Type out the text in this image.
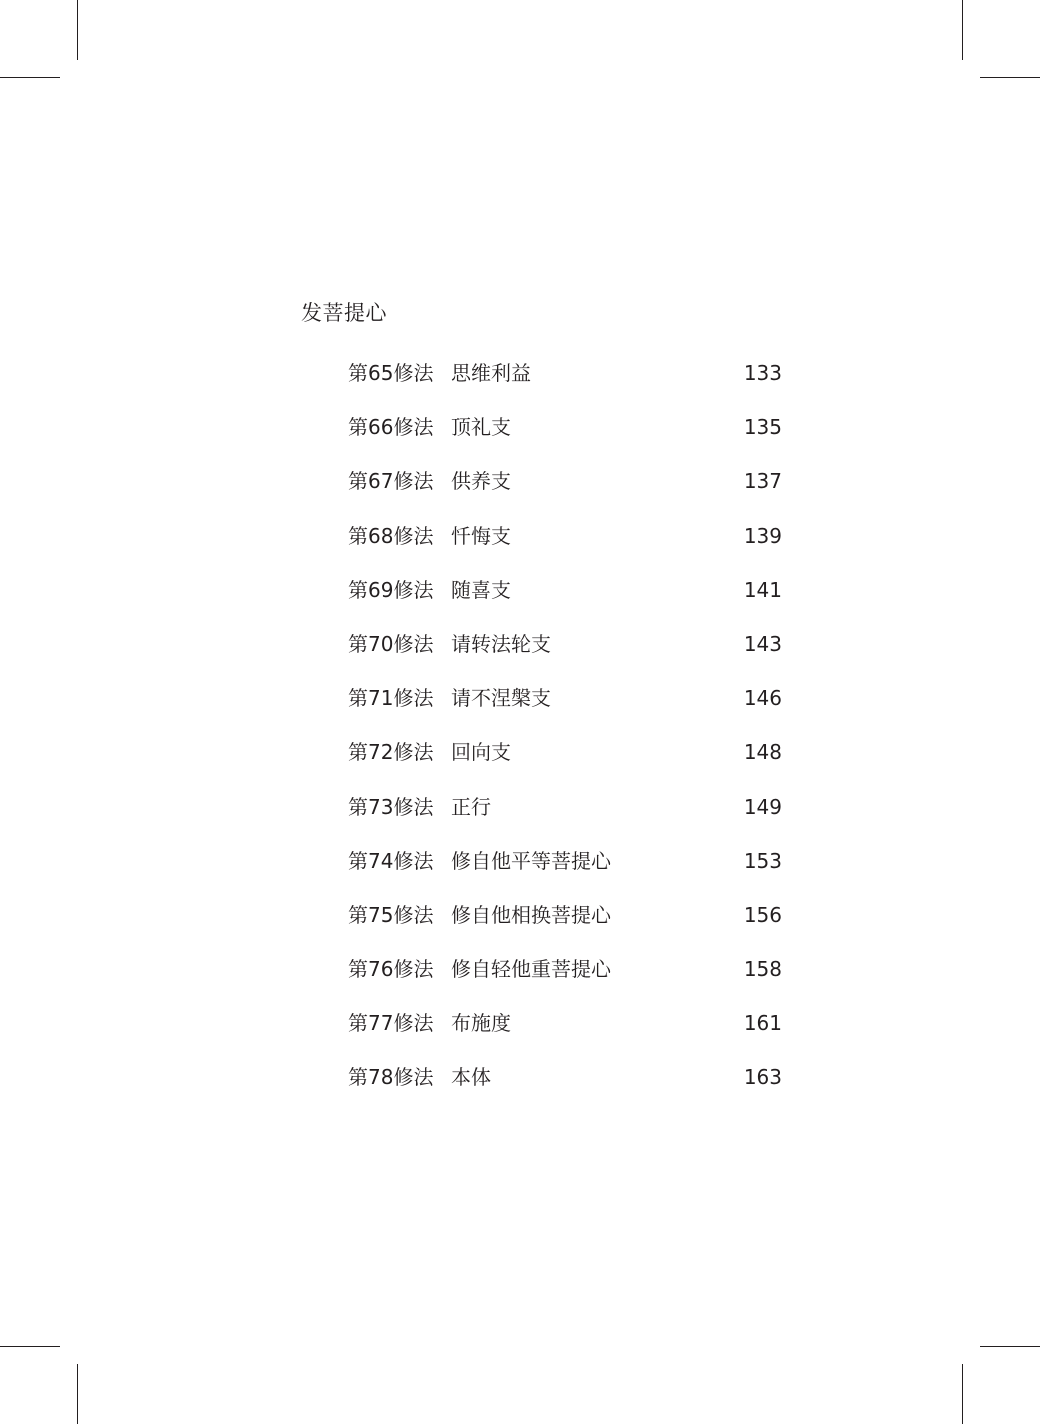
发菩提心
第65修法 思维利益	133
第66修法 顶礼支	135
第67修法 供养支	137
第68修法 忏悔支	139
第69修法 随喜支	141
第70修法 请转法轮支	143
第71修法 请不涅槃支	146
第72修法 回向支	148
第73修法 正行	149
第74修法 修自他平等菩提心	153
第75修法 修自他相换菩提心	156
第76修法 修自轻他重菩提心	158
第77修法 布施度	161
第78修法 本体	163
